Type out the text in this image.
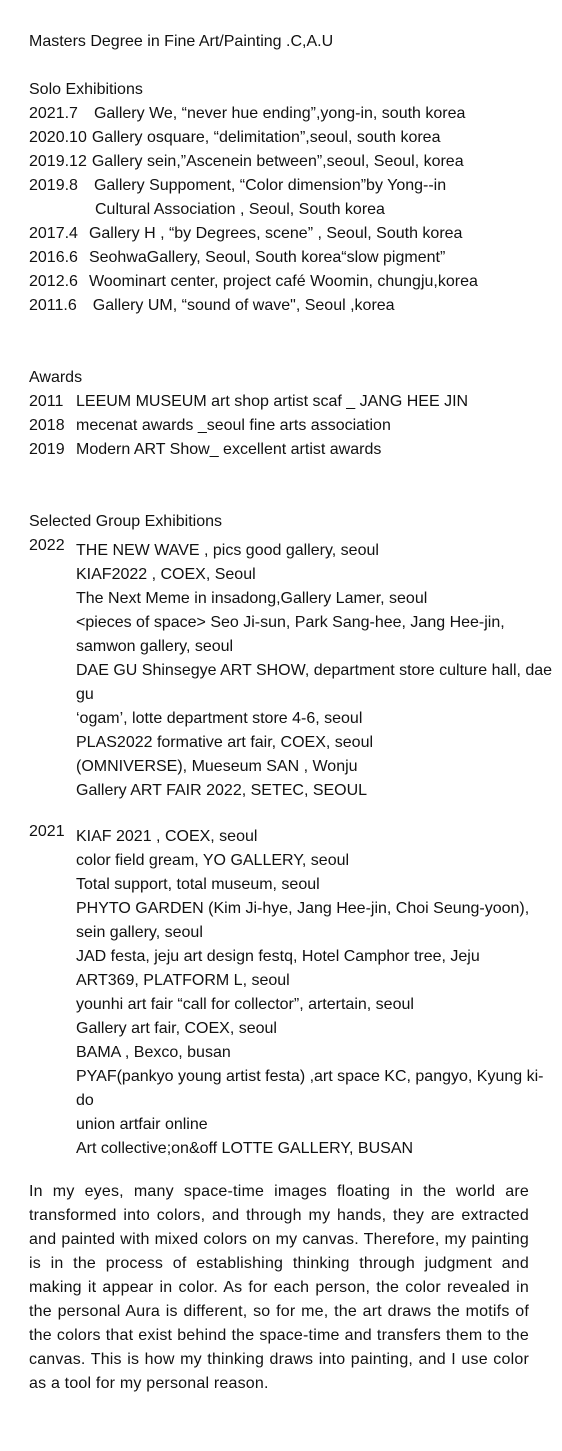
Masters Degree in Fine Art/Painting .C,A.U
Solo Exhibitions
2021.7 Gallery We, “never hue ending”,yong-in, south korea
2020.10 Gallery osquare, “delimitation”,seoul, south korea
2019.12 Gallery sein,”Ascenein between”,seoul, Seoul, korea
2019.8 Gallery Suppoment, “Color dimension”by Yong--in
Cultural Association , Seoul, South korea
2017.4 Gallery H , “by Degrees, scene” , Seoul, South korea
2016.6 SeohwaGallery, Seoul, South korea“slow pigment”
2012.6 Woominart center, project café Woomin, chungju,korea
2011.6 Gallery UM, “sound of wave", Seoul ,korea
Awards
2011 LEEUM MUSEUM art shop artist scaf _ JANG HEE JIN
2018 mecenat awards _seoul fine arts association
2019 Modern ART Show_ excellent artist awards
Selected Group Exhibitions
2022 THE NEW WAVE , pics good gallery, seoul
KIAF2022 , COEX, Seoul
The Next Meme in insadong,Gallery Lamer, seoul
<pieces of space> Seo Ji-sun, Park Sang-hee, Jang Hee-jin, samwon gallery, seoul
DAE GU Shinsegye ART SHOW, department store culture hall, dae gu
‘ogam’, lotte department store 4-6, seoul
PLAS2022 formative art fair, COEX, seoul
(OMNIVERSE), Mueseum SAN , Wonju
Gallery ART FAIR 2022, SETEC, SEOUL
2021 KIAF 2021 , COEX, seoul
color field gream, YO GALLERY, seoul
Total support, total museum, seoul
PHYTO GARDEN (Kim Ji-hye, Jang Hee-jin, Choi Seung-yoon), sein gallery, seoul
JAD festa, jeju art design festq, Hotel Camphor tree, Jeju
ART369, PLATFORM L, seoul
younhi art fair “call for collector”, artertain, seoul
Gallery art fair, COEX, seoul
BAMA , Bexco, busan
PYAF(pankyo young artist festa) ,art space KC, pangyo, Kyung ki-do
union artfair online
Art collective;on&off LOTTE GALLERY, BUSAN
In my eyes, many space-time images floating in the world are transformed into colors, and through my hands, they are extracted and painted with mixed colors on my canvas. Therefore, my painting is in the process of establishing thinking through judgment and making it appear in color. As for each person, the color revealed in the personal Aura is different, so for me, the art draws the motifs of the colors that exist behind the space-time and transfers them to the canvas. This is how my thinking draws into painting, and I use color as a tool for my personal reason.
